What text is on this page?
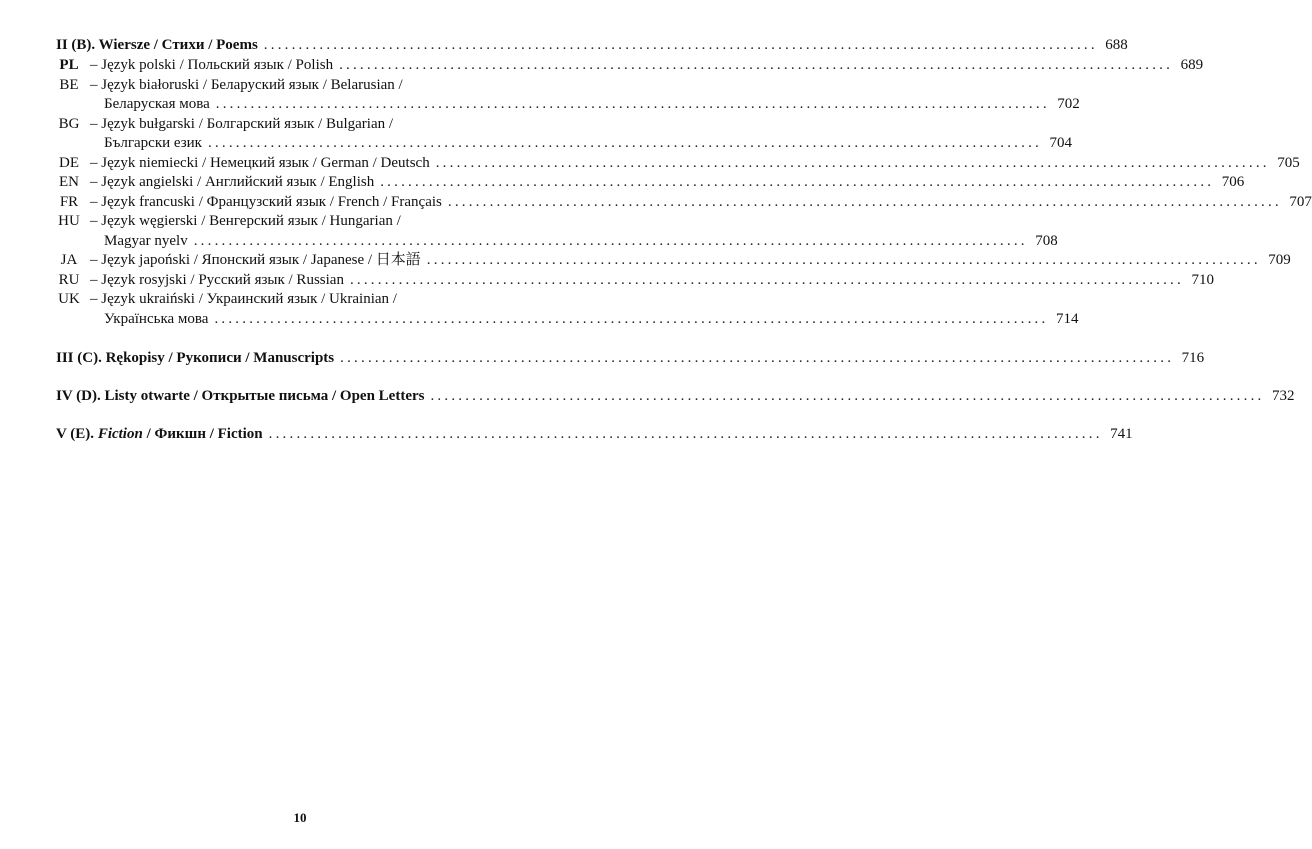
II (B). Wiersze / Стихи / Poems ........................................................................................................................ 688
PL – Język polski / Польский язык / Polish ........................................................................................................................ 689
BE – Język białoruski / Беларуский язык / Belarusian /
Беларуская мова ........................................................................................................................ 702
BG – Język bułgarski / Болгарский язык / Bulgarian /
Български език ........................................................................................................................ 704
DE – Język niemiecki / Немецкий язык / German / Deutsch ........................................................................................................................ 705
EN – Język angielski / Английский язык / English ........................................................................................................................ 706
FR – Język francuski / Французский язык / French / Français ........................................................................................................................ 707
HU – Język węgierski / Венгерский язык / Hungarian /
Magyar nyelv ........................................................................................................................ 708
JA – Język japoński / Японский язык / Japanese / 日本語 ........................................................................................................................ 709
RU – Język rosyjski / Русский язык / Russian ........................................................................................................................ 710
UK – Język ukraiński / Украинский язык / Ukrainian /
Українська мова ........................................................................................................................ 714
III (C). Rękopisy / Рукописи / Manuscripts ........................................................................................................................ 716
IV (D). Listy otwarte / Открытые письма / Open Letters ........................................................................................................................ 732
V (E). Fiction / Фикшн / Fiction ........................................................................................................................ 741
10
